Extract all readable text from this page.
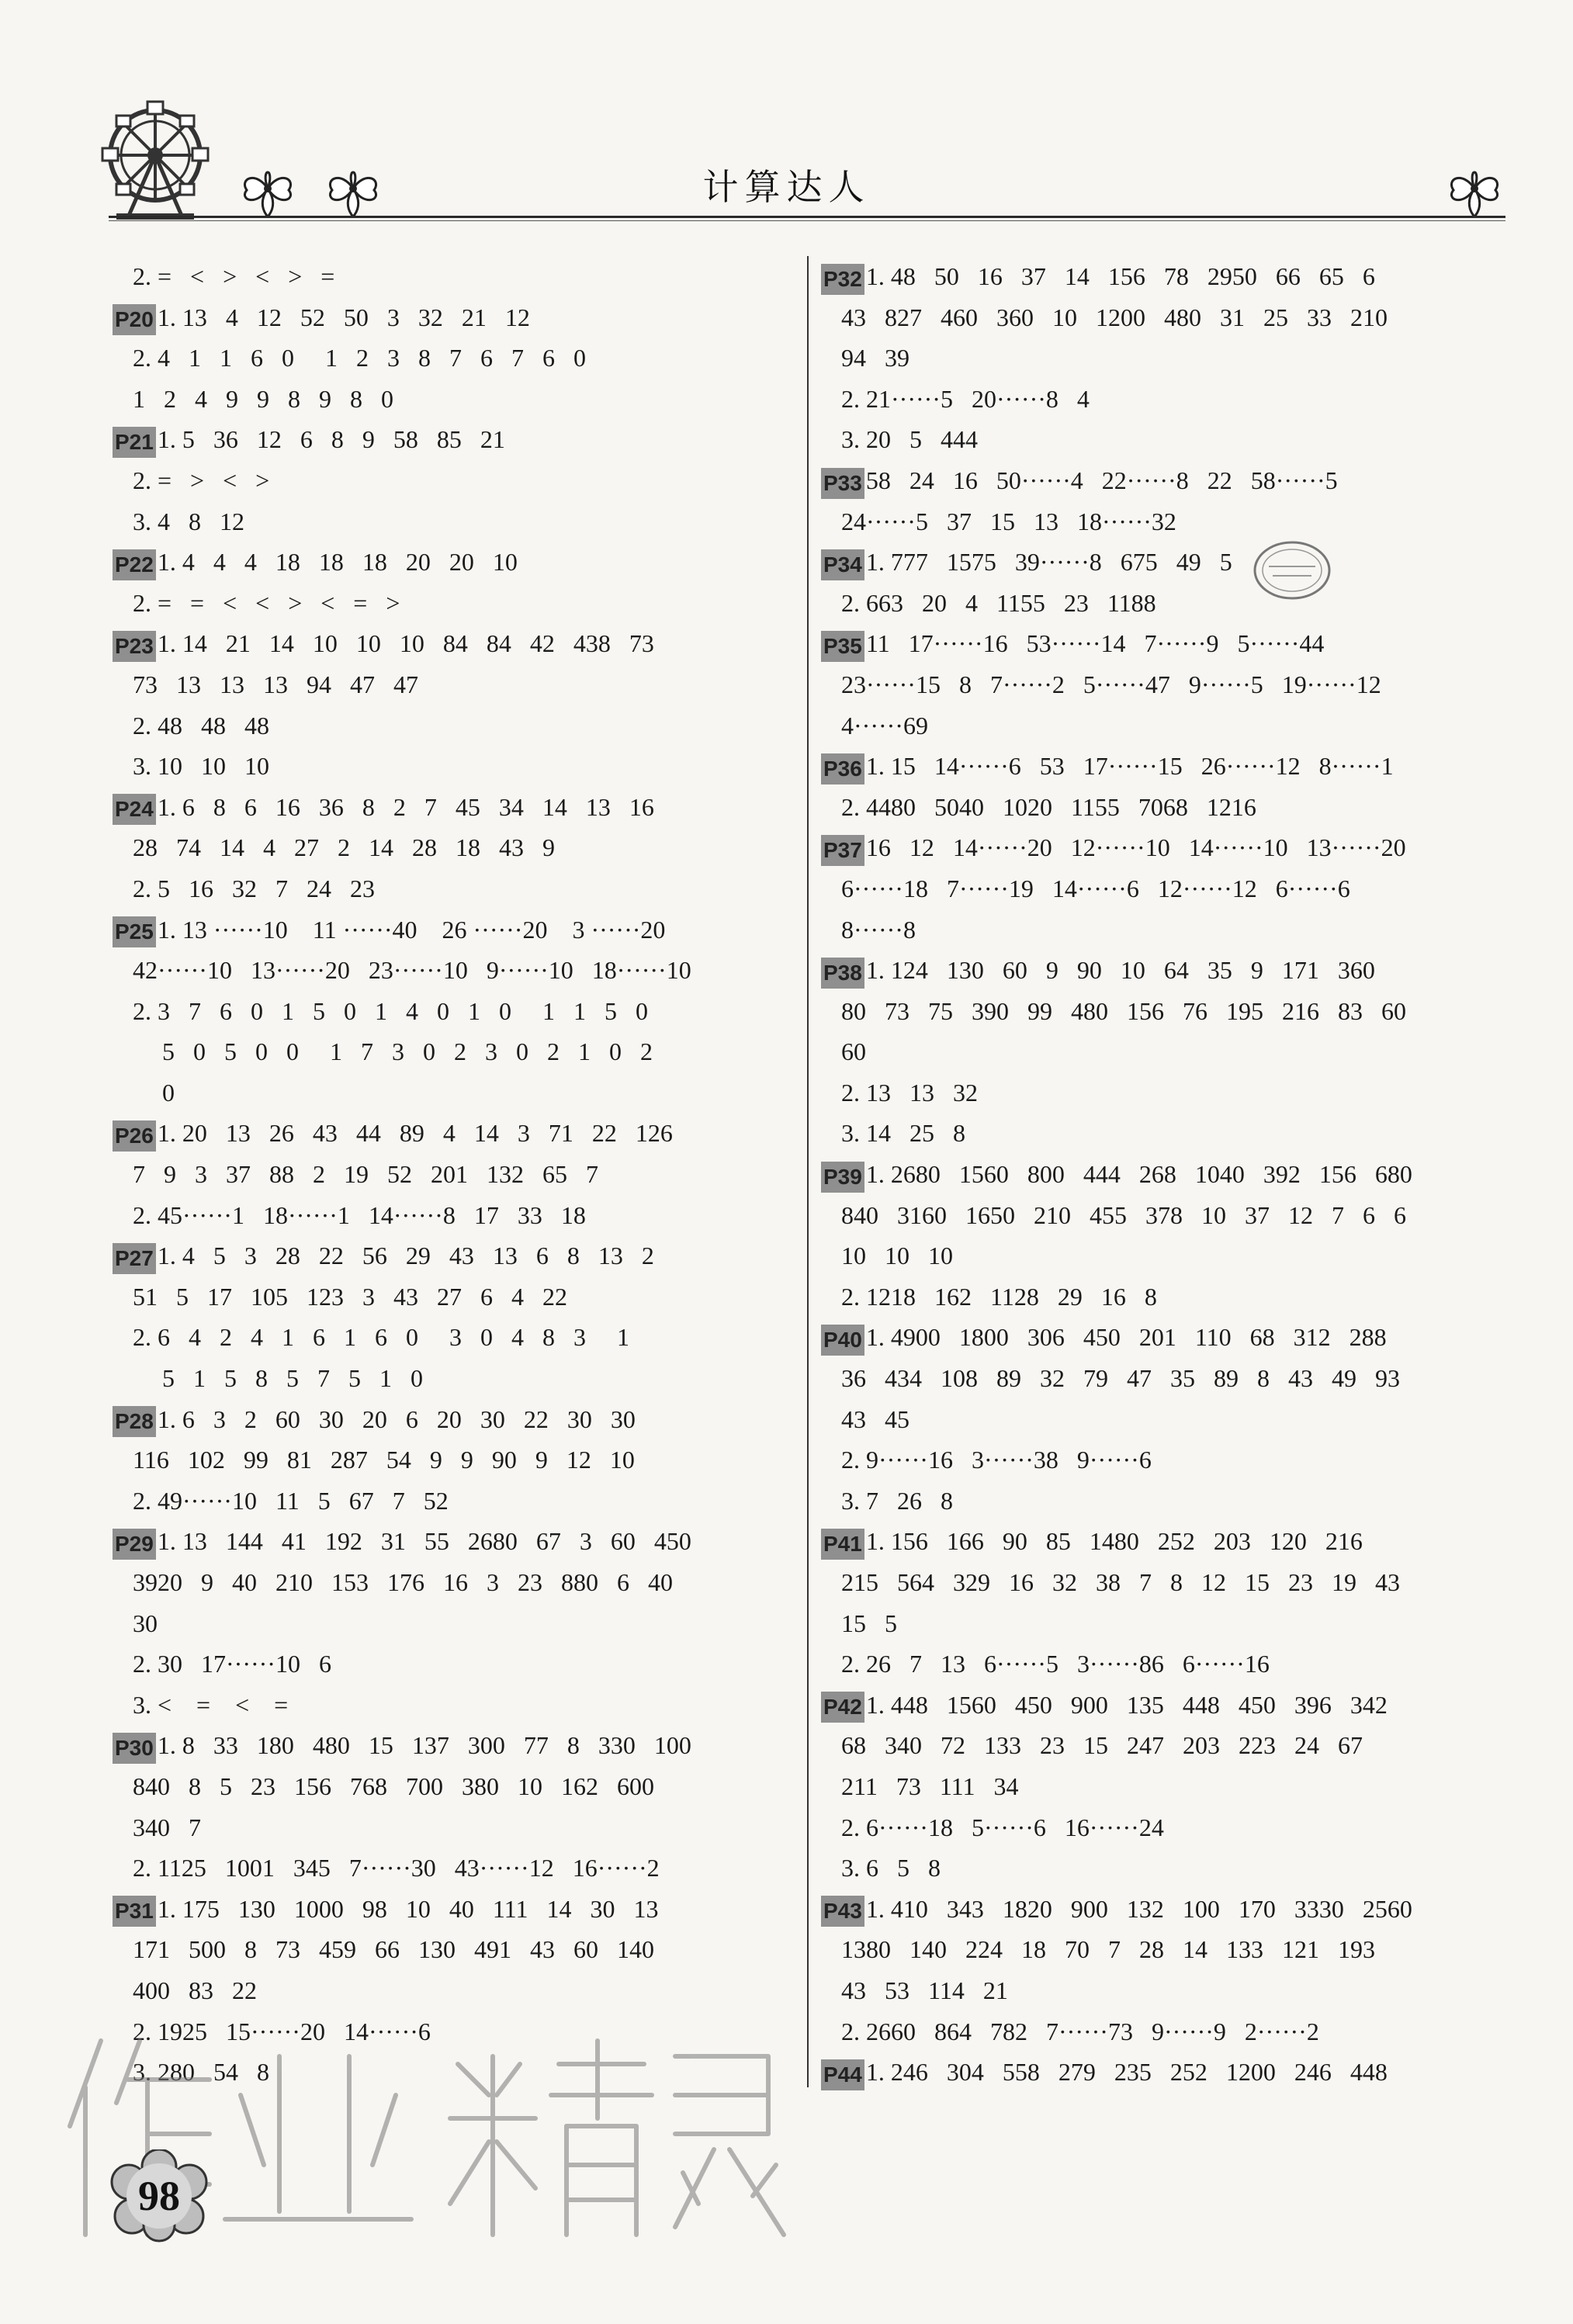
计算达人
2. =   <   >   <   >   =
P20 1. 13   4   12   52   50   3   32   21   12
2. 4   1   1   6   0     1   2   3   8   7   6   7   6   0
1   2   4   9   9   8   9   8   0
P21 1. 5   36   12   6   8   9   58   85   21
2. =   >   <   >
3. 4   8   12
P22 1. 4   4   4   18   18   18   20   20   10
2. =   =   <   <   >   <   =   >
P23 1. 14   21   14   10   10   10   84   84   42   438   73
73   13   13   13   94   47   47
2. 48   48   48
3. 10   10   10
P24 1. 6   8   6   16   36   8   2   7   45   34   14   13   16
28   74   14   4   27   2   14   28   18   43   9
2. 5   16   32   7   24   23
P25 1. 13 ······10    11 ······40    26 ······20    3 ······20
42······10   13······20   23······10   9······10   18······10
2. 3   7   6   0   1   5   0   1   4   0   1   0     1   1   5   0
5   0   5   0   0     1   7   3   0   2   3   0   2   1   0   2
0
P26 1. 20   13   26   43   44   89   4   14   3   71   22   126
7   9   3   37   88   2   19   52   201   132   65   7
2. 45······1   18······1   14······8   17   33   18
P27 1. 4   5   3   28   22   56   29   43   13   6   8   13   2
51   5   17   105   123   3   43   27   6   4   22
2. 6   4   2   4   1   6   1   6   0     3   0   4   8   3     1
5   1   5   8   5   7   5   1   0
P28 1. 6   3   2   60   30   20   6   20   30   22   30   30
116   102   99   81   287   54   9   9   90   9   12   10
2. 49······10   11   5   67   7   52
P29 1. 13   144   41   192   31   55   2680   67   3   60   450
3920   9   40   210   153   176   16   3   23   880   6   40
30
2. 30   17······10   6
3. <    =    <    =
P30 1. 8   33   180   480   15   137   300   77   8   330   100
840   8   5   23   156   768   700   380   10   162   600
340   7
2. 1125   1001   345   7······30   43······12   16······2
P31 1. 175   130   1000   98   10   40   111   14   30   13
171   500   8   73   459   66   130   491   43   60   140
400   83   22
2. 1925   15······20   14······6
3. 280   54   8
P32 1. 48   50   16   37   14   156   78   2950   66   65   6
43   827   460   360   10   1200   480   31   25   33   210
94   39
2. 21······5   20······8   4
3. 20   5   444
P33 58   24   16   50······4   22······8   22   58······5
24······5   37   15   13   18······32
P34 1. 777   1575   39······8   675   49   5
2. 663   20   4   1155   23   1188
P35 11   17······16   53······14   7······9   5······44
23······15   8   7······2   5······47   9······5   19······12
4······69
P36 1. 15   14······6   53   17······15   26······12   8······1
2. 4480   5040   1020   1155   7068   1216
P37 16   12   14······20   12······10   14······10   13······20
6······18   7······19   14······6   12······12   6······6
8······8
P38 1. 124   130   60   9   90   10   64   35   9   171   360
80   73   75   390   99   480   156   76   195   216   83   60
60
2. 13   13   32
3. 14   25   8
P39 1. 2680   1560   800   444   268   1040   392   156   680
840   3160   1650   210   455   378   10   37   12   7   6   6
10   10   10
2. 1218   162   1128   29   16   8
P40 1. 4900   1800   306   450   201   110   68   312   288
36   434   108   89   32   79   47   35   89   8   43   49   93
43   45
2. 9······16   3······38   9······6
3. 7   26   8
P41 1. 156   166   90   85   1480   252   203   120   216
215   564   329   16   32   38   7   8   12   15   23   19   43
15   5
2. 26   7   13   6······5   3······86   6······16
P42 1. 448   1560   450   900   135   448   450   396   342
68   340   72   133   23   15   247   203   223   24   67
211   73   111   34
2. 6······18   5······6   16······24
3. 6   5   8
P43 1. 410   343   1820   900   132   100   170   3330   2560
1380   140   224   18   70   7   28   14   133   121   193
43   53   114   21
2. 2660   864   782   7······73   9······9   2······2
P44 1. 246   304   558   279   235   252   1200   246   448
98
